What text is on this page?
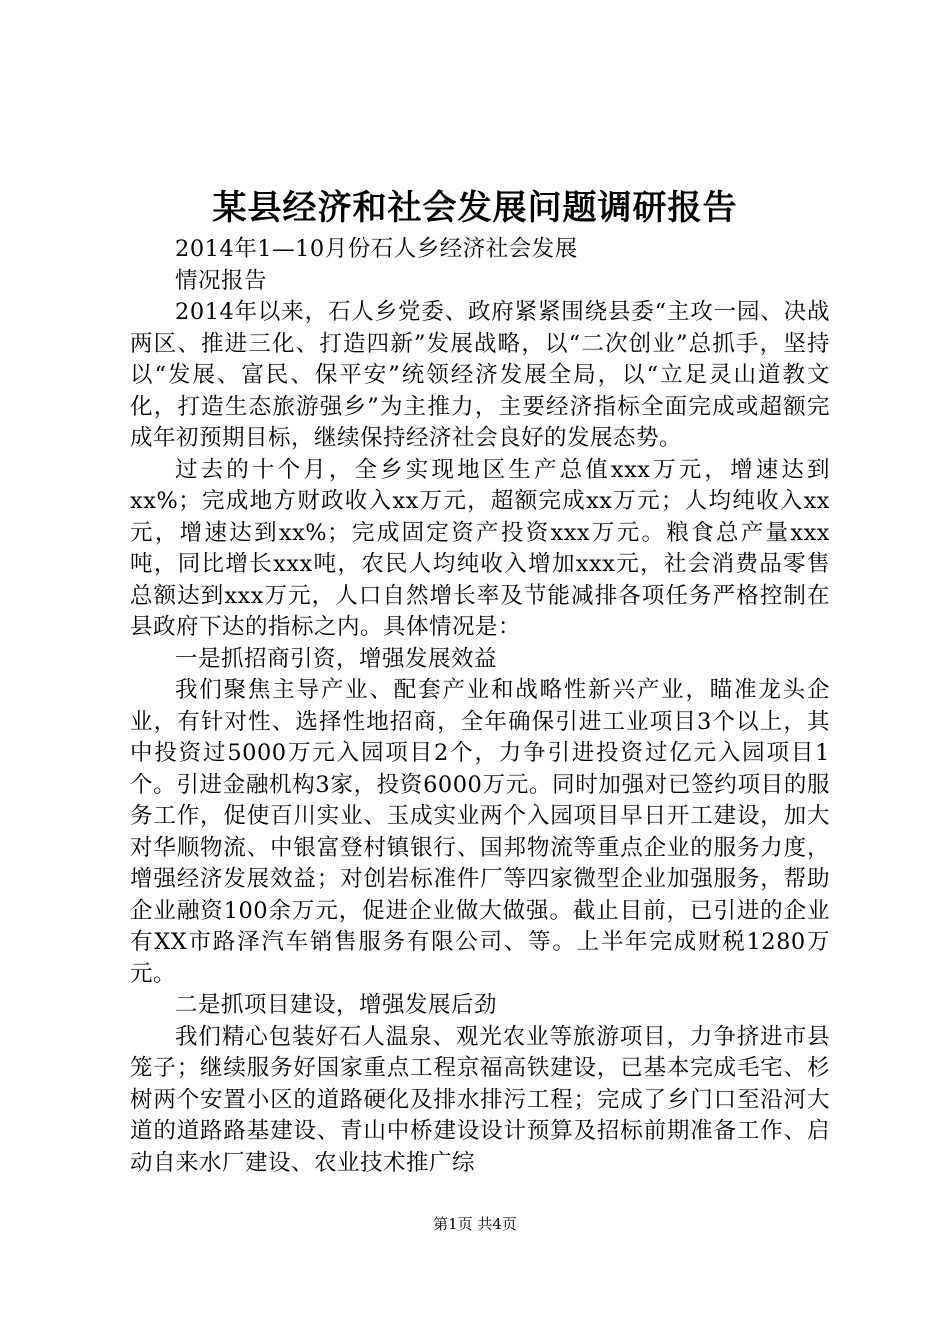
某县经济和社会发展问题调研报告

2014年1—10月份石人乡经济社会发展

情况报告

2014年以来，石人乡党委、政府紧紧围绕县委“主攻一园、决战两区、推进三化、打造四新”发展战略，以“二次创业”总抓手，坚持以“发展、富民、保平安”统领经济发展全局，以“立足灵山道教文化，打造生态旅游强乡”为主推力，主要经济指标全面完成或超额完成年初预期目标，继续保持经济社会良好的发展态势。

过去的十个月，全乡实现地区生产总值xxx万元，增速达到xx%；完成地方财政收入xx万元，超额完成xx万元；人均纯收入xx元，增速达到xx%；完成固定资产投资xxx万元。粮食总产量xxx吨，同比增长xxx吨，农民人均纯收入增加xxx元，社会消费品零售总额达到xxx万元，人口自然增长率及节能减排各项任务严格控制在县政府下达的指标之内。具体情况是：

一是抓招商引资，增强发展效益

我们聚焦主导产业、配套产业和战略性新兴产业，瞄准龙头企业，有针对性、选择性地招商，全年确保引进工业项目3个以上，其中投资过5000万元入园项目2个，力争引进投资过亿元入园项目1个。引进金融机构3家，投资6000万元。同时加强对已签约项目的服务工作，促使百川实业、玉成实业两个入园项目早日开工建设，加大对华顺物流、中银富登村镇银行、国邦物流等重点企业的服务力度，增强经济发展效益；对创岩标准件厂等四家微型企业加强服务，帮助企业融资100余万元，促进企业做大做强。截止目前，已引进的企业有XX市路泽汽车销售服务有限公司、等。上半年完成财税1280万元。

二是抓项目建设，增强发展后劲

我们精心包装好石人温泉、观光农业等旅游项目，力争挤进市县笼子；继续服务好国家重点工程京福高铁建设，已基本完成毛宅、杉树两个安置小区的道路硬化及排水排污工程；完成了乡门口至沿河大道的道路路基建设、青山中桥建设设计预算及招标前期准备工作、启动自来水厂建设、农业技术推广综

第1页 共4页
